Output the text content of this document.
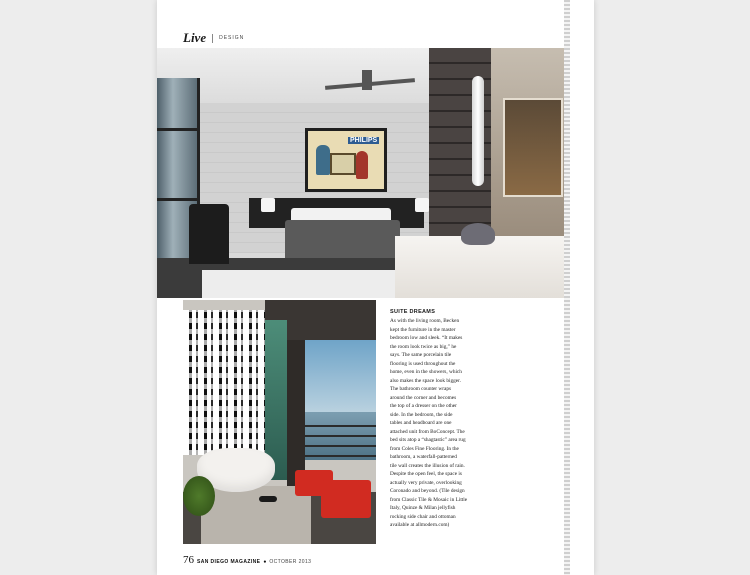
Live	DESIGN
PHILIPS
SUITE DREAMS

As with the living room, Becken
kept the furniture in the master
bedroom low and sleek. “It makes
the room look twice as big,” he
says. The same porcelain tile
flooring is used throughout the
home, even in the showers, which
also makes the space look bigger.
The bathroom counter wraps
around the corner and becomes
the top of a dresser on the other
side. In the bedroom, the side
tables and headboard are one
attached unit from BoConcept. The
bed sits atop a “shagtastic” area rug
from Coles Fine Flooring. In the
bathroom, a waterfall-patterned
tile wall creates the illusion of rain.
Despite the open feel, the space is
actually very private, overlooking
Coronado and beyond. (Tile design
from Classic Tile & Mosaic in Little
Italy, Quinze & Milan jellyfish
rocking side chair and ottoman
available at allmodern.com)

76 SAN DIEGO MAGAZINE ● OCTOBER 2013
